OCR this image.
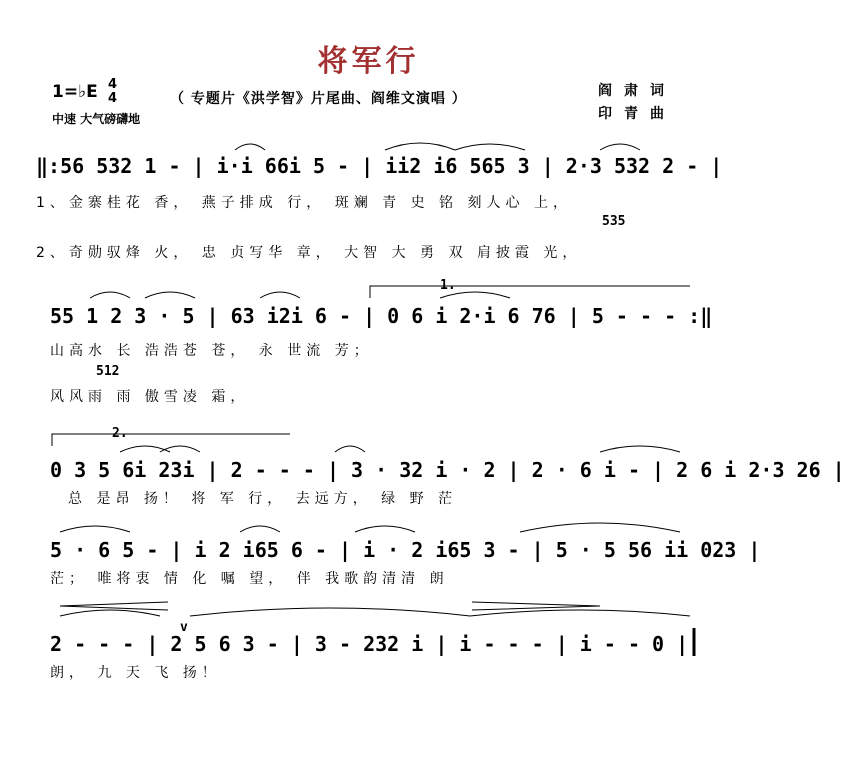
将军行
1=♭E 4
4
中速 大气磅礴地
（ 专题片《洪学智》片尾曲、阎维文演唱 ）	阎肃词
印青曲
‖:56 532 1 - | i·i 66i 5 - | ii2 i6 565 3 | 2·3 532 2 - |
1、金寨桂花 香， 燕子排成 行， 斑斓 青 史 铭 刻人心 上，
535
2、奇勋驭烽 火， 忠 贞写华 章， 大智 大 勇 双 肩披霞 光，
55 1 2 3 · 5 | 63 i2i 6 - | 0 6 i 2·i 6 76 | 5 - - - :‖
山高水 长 浩浩苍 苍， 永 世流 芳；
512
风风雨 雨 傲雪凌 霜，
2.
0 3 5 6i 23i | 2 - - - | 3 · 32 i · 2 | 2 · 6 i - | 2 6 i 2·3 26 |
总 是昂 扬！ 将 军 行， 去远方， 绿 野 茫
5 · 6 5 - | i 2 i65 6 - | i · 2 i65 3 - | 5 · 5 56 ii 023 |
茫； 唯将衷 情 化 嘱 望， 伴 我歌韵清清 朗
2 - - - | 2 5 6 3 - | 3 - 232 i | i - - - | i - - 0 |
v
朗， 九 天 飞 扬！
1.
